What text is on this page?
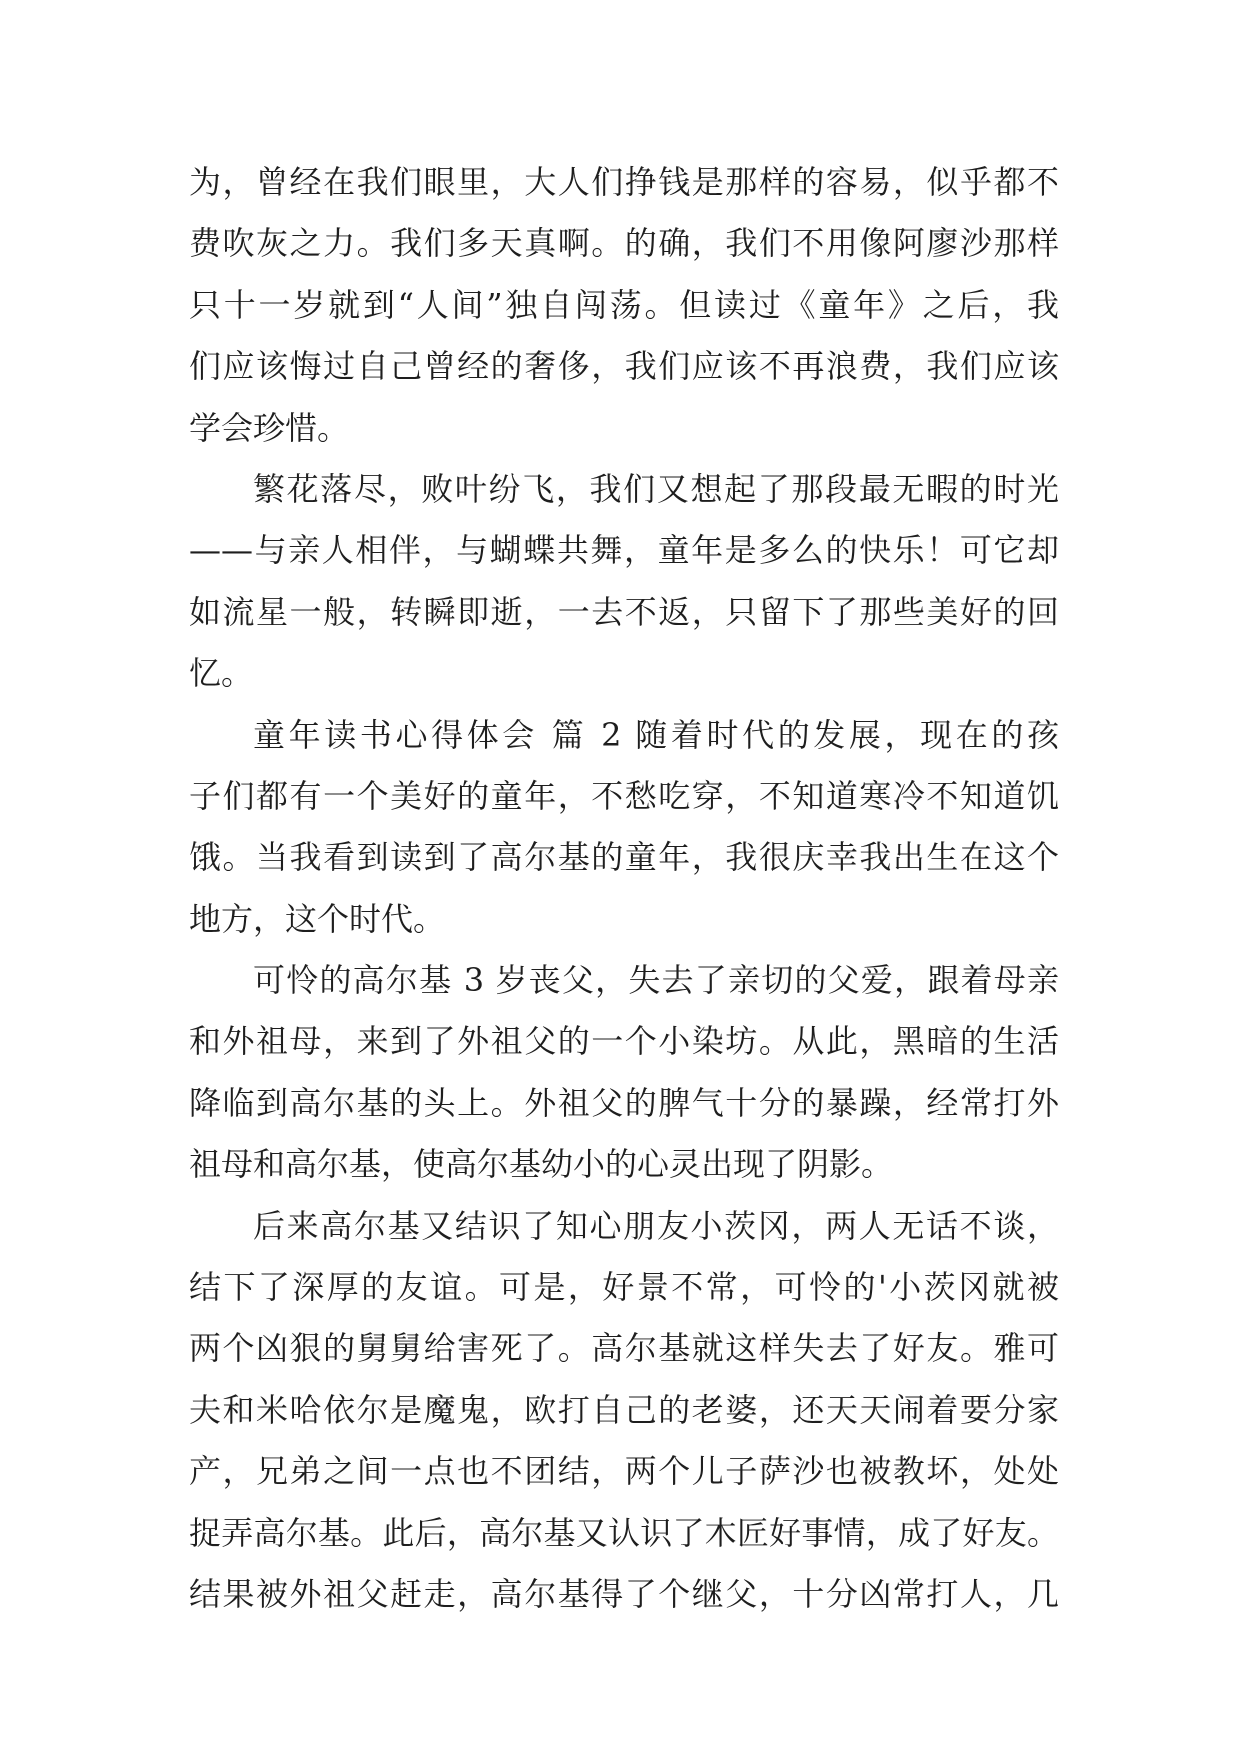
为，曾经在我们眼里，大人们挣钱是那样的容易，似乎都不
费吹灰之力。我们多天真啊。的确，我们不用像阿廖沙那样
只十一岁就到“人间”独自闯荡。但读过《童年》之后，我
们应该悔过自己曾经的奢侈，我们应该不再浪费，我们应该
学会珍惜。
繁花落尽，败叶纷飞，我们又想起了那段最无暇的时光
——与亲人相伴，与蝴蝶共舞，童年是多么的快乐！可它却
如流星一般，转瞬即逝，一去不返，只留下了那些美好的回
忆。
童年读书心得体会 篇 2 随着时代的发展，现在的孩
子们都有一个美好的童年，不愁吃穿，不知道寒冷不知道饥
饿。当我看到读到了高尔基的童年，我很庆幸我出生在这个
地方，这个时代。
可怜的高尔基 3 岁丧父，失去了亲切的父爱，跟着母亲
和外祖母，来到了外祖父的一个小染坊。从此，黑暗的生活
降临到高尔基的头上。外祖父的脾气十分的暴躁，经常打外
祖母和高尔基，使高尔基幼小的心灵出现了阴影。
后来高尔基又结识了知心朋友小茨冈，两人无话不谈，
结下了深厚的友谊。可是，好景不常，可怜的'小茨冈就被
两个凶狠的舅舅给害死了。高尔基就这样失去了好友。雅可
夫和米哈依尔是魔鬼，欧打自己的老婆，还天天闹着要分家
产，兄弟之间一点也不团结，两个儿子萨沙也被教坏，处处
捉弄高尔基。此后，高尔基又认识了木匠好事情，成了好友。
结果被外祖父赶走，高尔基得了个继父，十分凶常打人，几
